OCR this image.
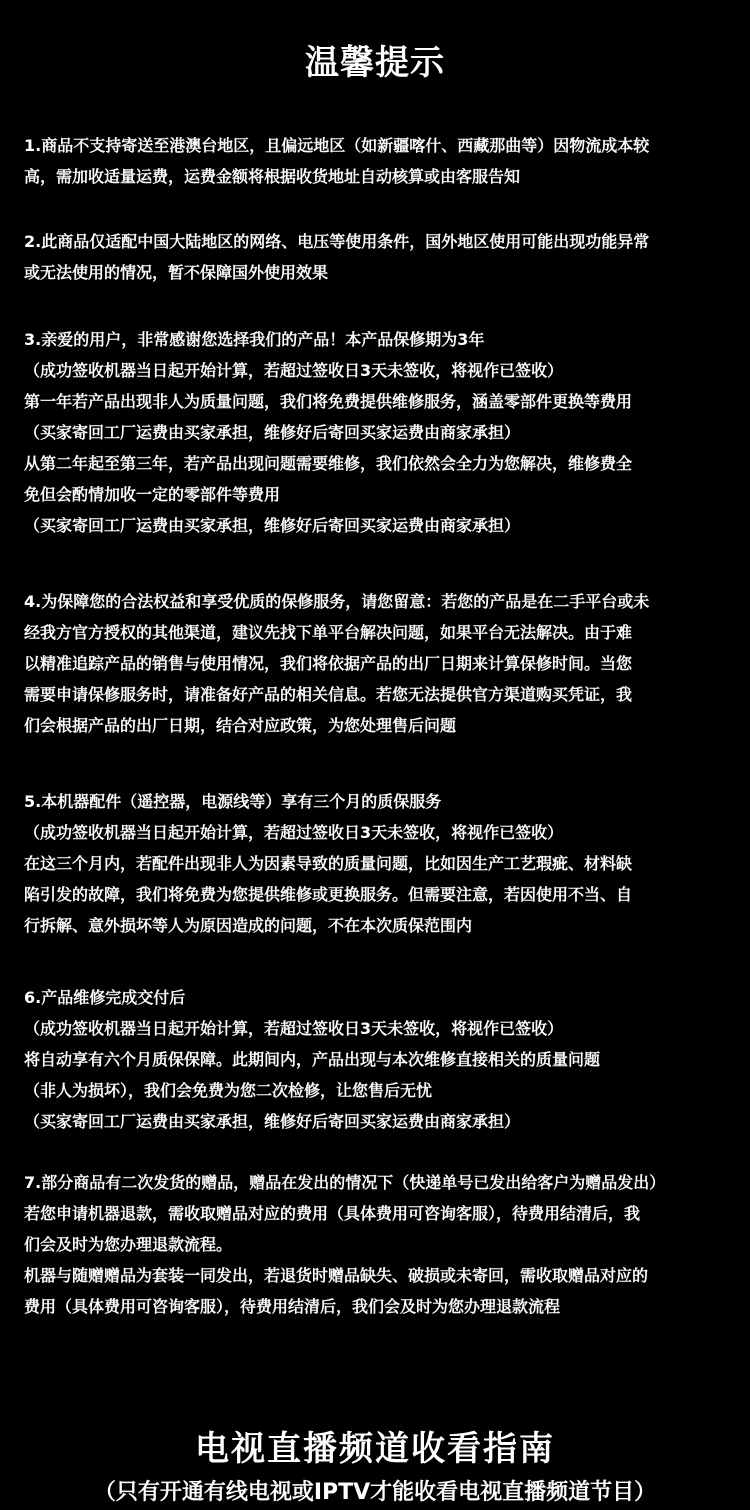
温馨提示
1.商品不支持寄送至港澳台地区，且偏远地区（如新疆喀什、西藏那曲等）因物流成本较
高，需加收适量运费，运费金额将根据收货地址自动核算或由客服告知
2.此商品仅适配中国大陆地区的网络、电压等使用条件，国外地区使用可能出现功能异常
或无法使用的情况，暂不保障国外使用效果
3.亲爱的用户，非常感谢您选择我们的产品！本产品保修期为3年
（成功签收机器当日起开始计算，若超过签收日3天未签收，将视作已签收）
第一年若产品出现非人为质量问题，我们将免费提供维修服务，涵盖零部件更换等费用
（买家寄回工厂运费由买家承担，维修好后寄回买家运费由商家承担）
从第二年起至第三年，若产品出现问题需要维修，我们依然会全力为您解决，维修费全
免但会酌情加收一定的零部件等费用
（买家寄回工厂运费由买家承担，维修好后寄回买家运费由商家承担）
4.为保障您的合法权益和享受优质的保修服务，请您留意：若您的产品是在二手平台或未
经我方官方授权的其他渠道，建议先找下单平台解决问题，如果平台无法解决。由于难
以精准追踪产品的销售与使用情况，我们将依据产品的出厂日期来计算保修时间。当您
需要申请保修服务时，请准备好产品的相关信息。若您无法提供官方渠道购买凭证，我
们会根据产品的出厂日期，结合对应政策，为您处理售后问题
5.本机器配件（遥控器，电源线等）享有三个月的质保服务
（成功签收机器当日起开始计算，若超过签收日3天未签收，将视作已签收）
在这三个月内，若配件出现非人为因素导致的质量问题，比如因生产工艺瑕疵、材料缺
陷引发的故障，我们将免费为您提供维修或更换服务。但需要注意，若因使用不当、自
行拆解、意外损坏等人为原因造成的问题，不在本次质保范围内
6.产品维修完成交付后
（成功签收机器当日起开始计算，若超过签收日3天未签收，将视作已签收）
将自动享有六个月质保保障。此期间内，产品出现与本次维修直接相关的质量问题
（非人为损坏），我们会免费为您二次检修，让您售后无忧
（买家寄回工厂运费由买家承担，维修好后寄回买家运费由商家承担）
7.部分商品有二次发货的赠品，赠品在发出的情况下（快递单号已发出给客户为赠品发出）
若您申请机器退款，需收取赠品对应的费用（具体费用可咨询客服），待费用结清后，我
们会及时为您办理退款流程。
机器与随赠赠品为套装一同发出，若退货时赠品缺失、破损或未寄回，需收取赠品对应的
费用（具体费用可咨询客服），待费用结清后，我们会及时为您办理退款流程
电视直播频道收看指南
（只有开通有线电视或IPTV才能收看电视直播频道节目）
